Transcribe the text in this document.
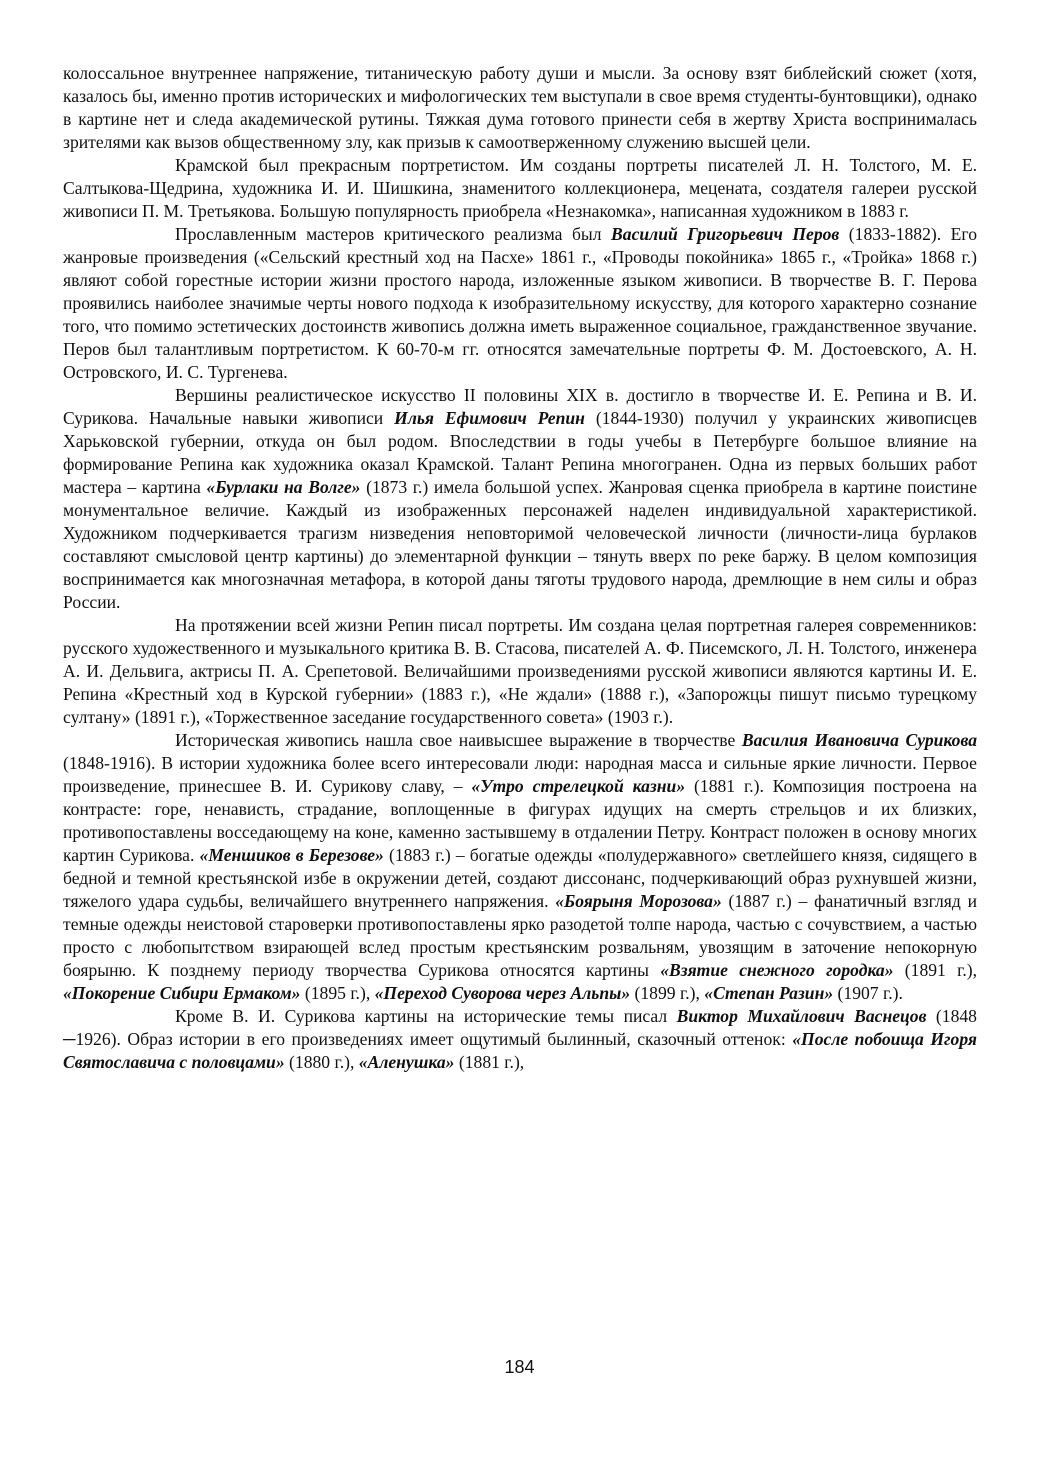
колоссальное внутреннее напряжение, титаническую работу души и мысли. За основу взят библейский сюжет (хотя, казалось бы, именно против исторических и мифологических тем выступали в свое время студенты-бунтовщики), однако в картине нет и следа академической рутины. Тяжкая дума готового принести себя в жертву Христа воспринималась зрителями как вызов общественному злу, как призыв к самоотверженному служению высшей цели.

Крамской был прекрасным портретистом. Им созданы портреты писателей Л. Н. Толстого, М. Е. Салтыкова-Щедрина, художника И. И. Шишкина, знаменитого коллекционера, мецената, создателя галереи русской живописи П. М. Третьякова. Большую популярность приобрела «Незнакомка», написанная художником в 1883 г.

Прославленным мастеров критического реализма был Василий Григорьевич Перов (1833-1882). Его жанровые произведения («Сельский крестный ход на Пасхе» 1861 г., «Проводы покойника» 1865 г., «Тройка» 1868 г.) являют собой горестные истории жизни простого народа, изложенные языком живописи. В творчестве В. Г. Перова проявились наиболее значимые черты нового подхода к изобразительному искусству, для которого характерно сознание того, что помимо эстетических достоинств живопись должна иметь выраженное социальное, гражданственное звучание. Перов был талантливым портретистом. К 60-70-м гг. относятся замечательные портреты Ф. М. Достоевского, А. Н. Островского, И. С. Тургенева.

Вершины реалистическое искусство II половины XIX в. достигло в творчестве И. Е. Репина и В. И. Сурикова. Начальные навыки живописи Илья Ефимович Репин (1844-1930) получил у украинских живописцев Харьковской губернии, откуда он был родом. Впоследствии в годы учебы в Петербурге большое влияние на формирование Репина как художника оказал Крамской. Талант Репина многогранен. Одна из первых больших работ мастера – картина «Бурлаки на Волге» (1873 г.) имела большой успех. Жанровая сценка приобрела в картине поистине монументальное величие. Каждый из изображенных персонажей наделен индивидуальной характеристикой. Художником подчеркивается трагизм низведения неповторимой человеческой личности (личности-лица бурлаков составляют смысловой центр картины) до элементарной функции – тянуть вверх по реке баржу. В целом композиция воспринимается как многозначная метафора, в которой даны тяготы трудового народа, дремлющие в нем силы и образ России.

На протяжении всей жизни Репин писал портреты. Им создана целая портретная галерея современников: русского художественного и музыкального критика В. В. Стасова, писателей А. Ф. Писемского, Л. Н. Толстого, инженера А. И. Дельвига, актрисы П. А. Срепетовой. Величайшими произведениями русской живописи являются картины И. Е. Репина «Крестный ход в Курской губернии» (1883 г.), «Не ждали» (1888 г.), «Запорожцы пишут письмо турецкому султану» (1891 г.), «Торжественное заседание государственного совета» (1903 г.).

Историческая живопись нашла свое наивысшее выражение в творчестве Василия Ивановича Сурикова (1848-1916). В истории художника более всего интересовали люди: народная масса и сильные яркие личности. Первое произведение, принесшее В. И. Сурикову славу, – «Утро стрелецкой казни» (1881 г.). Композиция построена на контрасте: горе, ненависть, страдание, воплощенные в фигурах идущих на смерть стрельцов и их близких, противопоставлены восседающему на коне, каменно застывшему в отдалении Петру. Контраст положен в основу многих картин Сурикова. «Меншиков в Березове» (1883 г.) – богатые одежды «полудержавного» светлейшего князя, сидящего в бедной и темной крестьянской избе в окружении детей, создают диссонанс, подчеркивающий образ рухнувшей жизни, тяжелого удара судьбы, величайшего внутреннего напряжения. «Боярыня Морозова» (1887 г.) – фанатичный взгляд и темные одежды неистовой староверки противопоставлены ярко разодетой толпе народа, частью с сочувствием, а частью просто с любопытством взирающей вслед простым крестьянским розвальням, увозящим в заточение непокорную боярыню. К позднему периоду творчества Сурикова относятся картины «Взятие снежного городка» (1891 г.), «Покорение Сибири Ермаком» (1895 г.), «Переход Суворова через Альпы» (1899 г.), «Степан Разин» (1907 г.).

Кроме В. И. Сурикова картины на исторические темы писал Виктор Михайлович Васнецов (1848 ─1926). Образ истории в его произведениях имеет ощутимый былинный, сказочный оттенок: «После побоища Игоря Святославича с половцами» (1880 г.), «Аленушка» (1881 г.),

184
